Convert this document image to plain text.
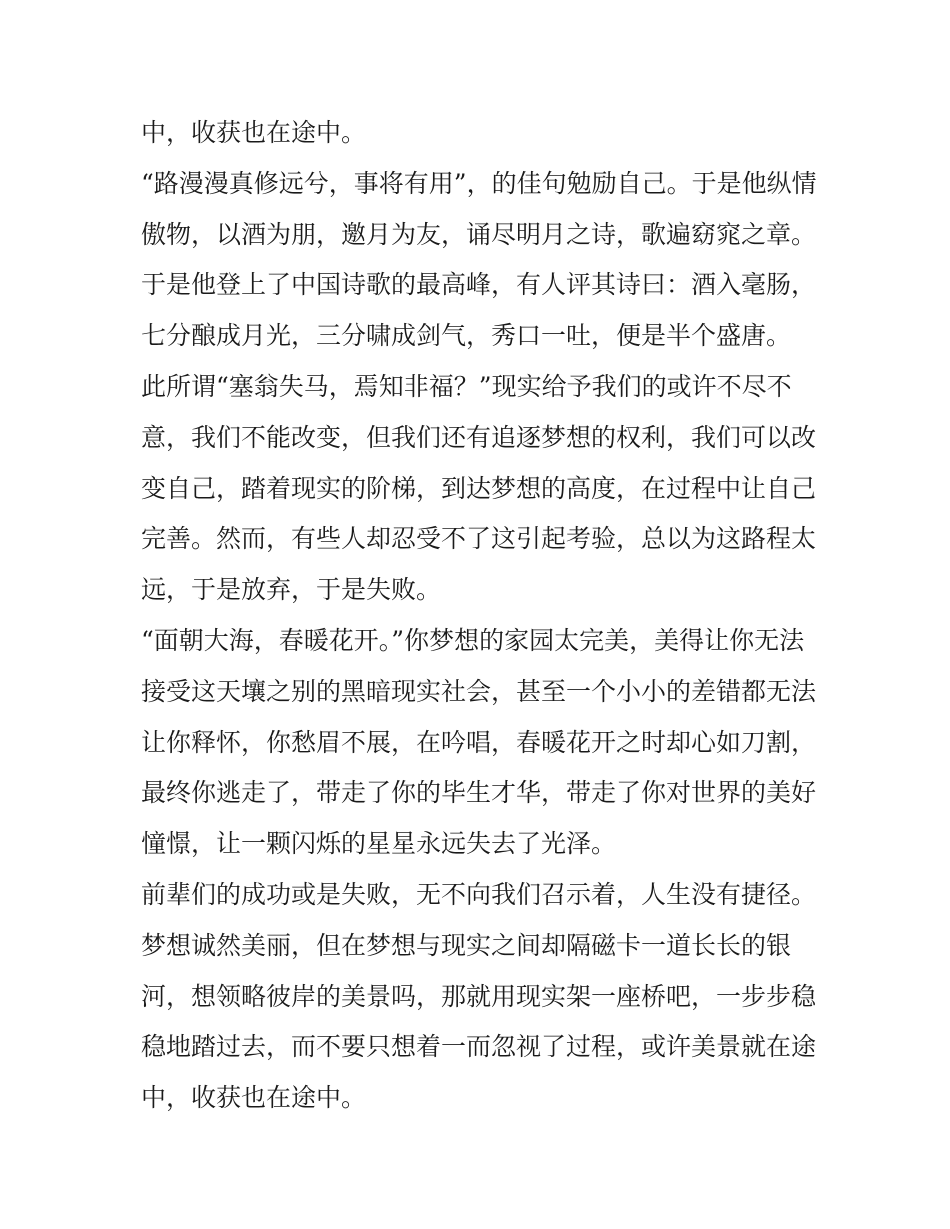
中，收获也在途中。
“路漫漫真修远兮，事将有用”，的佳句勉励自己。于是他纵情
傲物，以酒为朋，邀月为友，诵尽明月之诗，歌遍窈窕之章。
于是他登上了中国诗歌的最高峰，有人评其诗曰：酒入毫肠，
七分酿成月光，三分啸成剑气，秀口一吐，便是半个盛唐。
此所谓“塞翁失马，焉知非福？”现实给予我们的或许不尽不
意，我们不能改变，但我们还有追逐梦想的权利，我们可以改
变自己，踏着现实的阶梯，到达梦想的高度，在过程中让自己
完善。然而，有些人却忍受不了这引起考验，总以为这路程太
远，于是放弃，于是失败。
“面朝大海，春暖花开。”你梦想的家园太完美，美得让你无法
接受这天壤之别的黑暗现实社会，甚至一个小小的差错都无法
让你释怀，你愁眉不展，在吟唱，春暖花开之时却心如刀割，
最终你逃走了，带走了你的毕生才华，带走了你对世界的美好
憧憬，让一颗闪烁的星星永远失去了光泽。
前辈们的成功或是失败，无不向我们召示着，人生没有捷径。
梦想诚然美丽，但在梦想与现实之间却隔磁卡一道长长的银
河，想领略彼岸的美景吗，那就用现实架一座桥吧，一步步稳
稳地踏过去，而不要只想着一而忽视了过程，或许美景就在途
中，收获也在途中。
